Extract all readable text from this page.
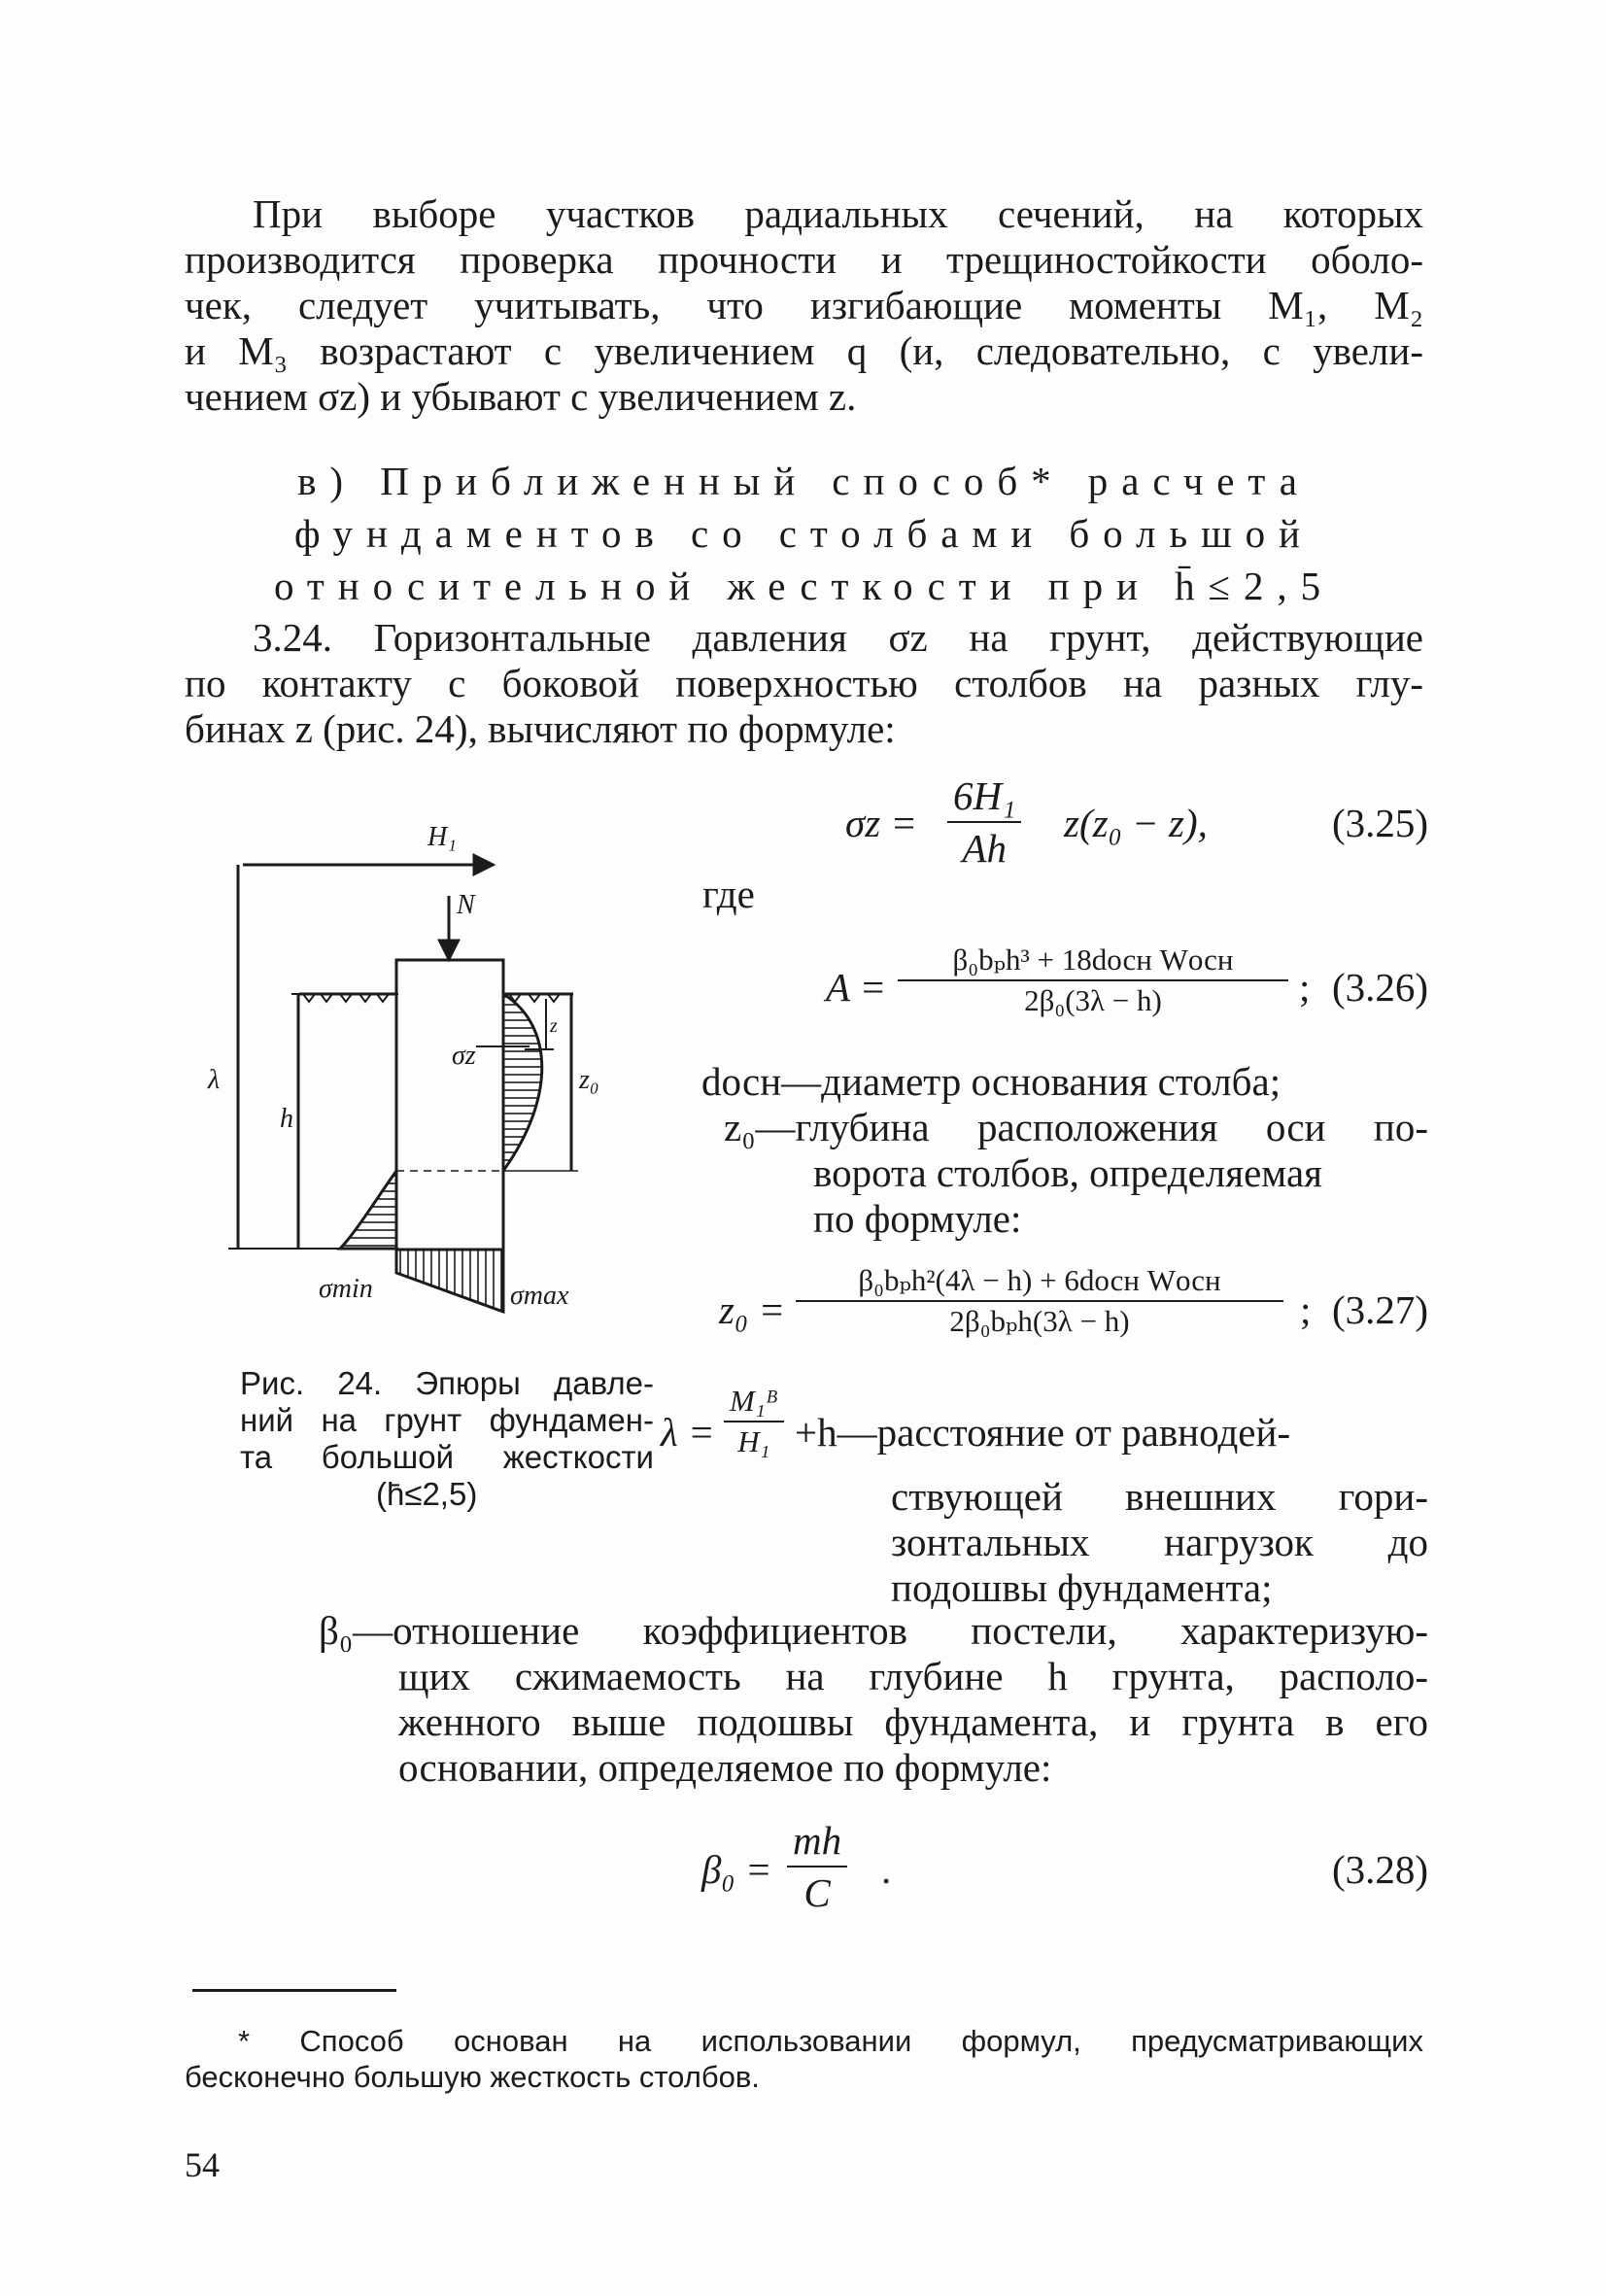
При выборе участков радиальных сечений, на которых
производится проверка прочности и трещиностойкости оболо-
чек, следует учитывать, что изгибающие моменты M₁, M₂
и M₃ возрастают с увеличением q (и, следовательно, с увели-
чением σz) и убывают с увеличением z.
в) Приближенный способ* расчета
фундаментов со столбами большой
относительной жесткости при h̄≤2,5
3.24. Горизонтальные давления σz на грунт, действующие
по контакту с боковой поверхностью столбов на разных глу-
бинах z (рис. 24), вычисляют по формуле:
$\sigma z = \frac{\text{6H₁}}{Ah} z(z_0 - z)$,	(3.25)
где
A =
β₀bₚh³ + 18dосн Wосн
2β₀(3λ − h)	; (3.26)
dосн—диаметр основания столба;
z₀—глубина расположения оси по-
ворота столбов, определяемая
по формуле:
z₀ =
β₀bₚh²(4λ − h) + 6dосн Wосн
2β₀bₚh(3λ − h)	; (3.27)
$\lambda = \frac{\text{M₁ᴮ}}{\text{H₁}}$ +h—расстояние от равнодей-
ствующей внешних гори-
зонтальных нагрузок до
подошвы фундамента;
β₀—отношение коэффициентов постели, характеризую-
щих сжимаемость на глубине h грунта, располо-
женного выше подошвы фундамента, и грунта в его
основании, определяемое по формуле:
$\beta_0 = \frac{mh}{C}$ .	(3.28)
H₁
N
λ
h
σz
z
z₀
σmin	σmax
Рис. 24. Эпюры давле-
ний на грунт фундамен-
та большой жесткости
(h̄≤2,5)
* Способ основан на использовании формул, предусматривающих
бесконечно большую жесткость столбов.
54
